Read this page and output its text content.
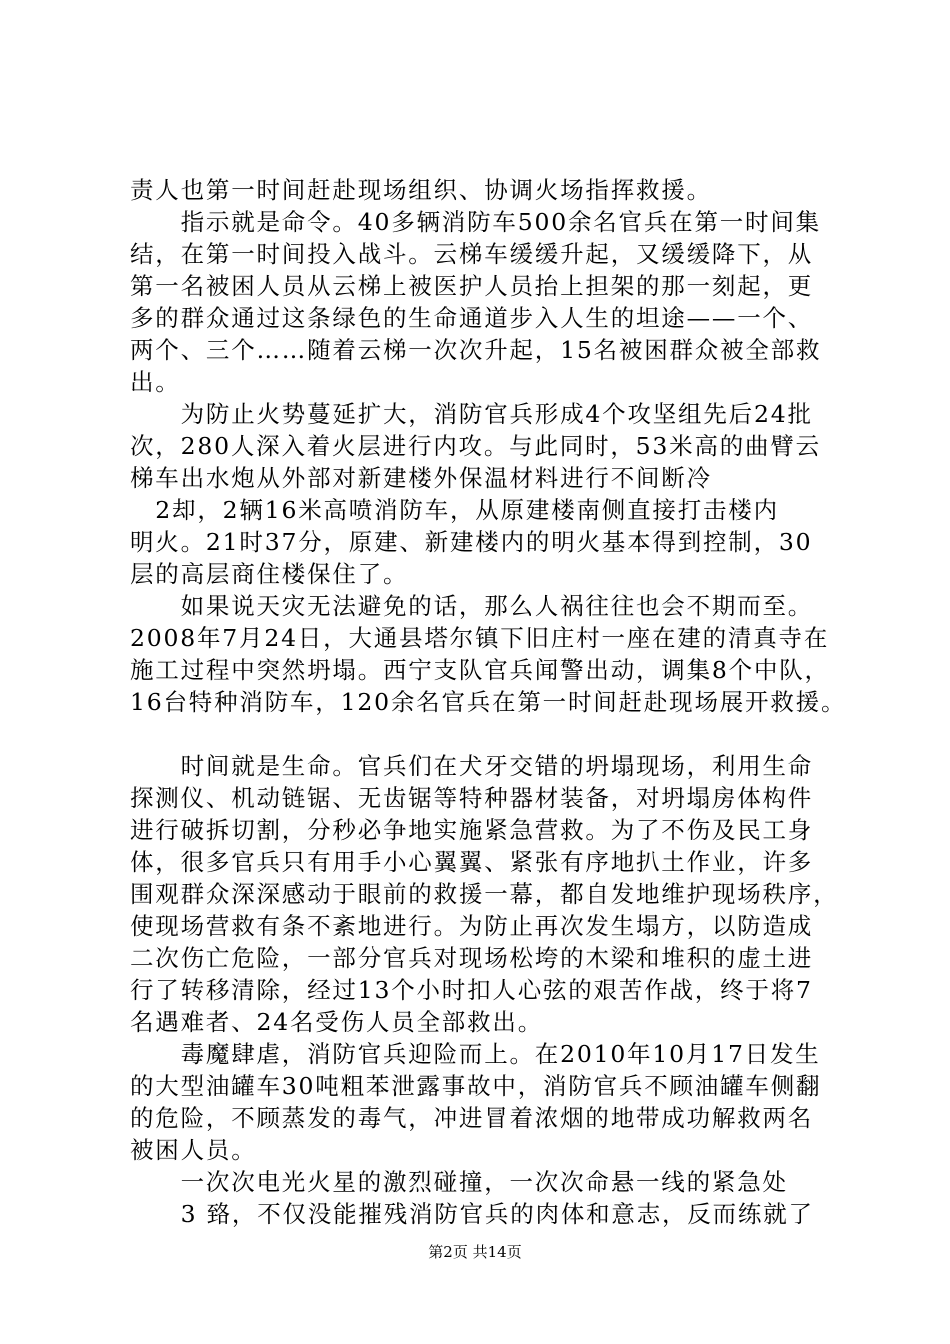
责人也第一时间赶赴现场组织、协调火场指挥救援。
　　指示就是命令。40多辆消防车500余名官兵在第一时间集
结，在第一时间投入战斗。云梯车缓缓升起，又缓缓降下，从
第一名被困人员从云梯上被医护人员抬上担架的那一刻起，更
多的群众通过这条绿色的生命通道步入人生的坦途——一个、
两个、三个……随着云梯一次次升起，15名被困群众被全部救
出。
　　为防止火势蔓延扩大，消防官兵形成4个攻坚组先后24批
次，280人深入着火层进行内攻。与此同时，53米高的曲臂云
梯车出水炮从外部对新建楼外保温材料进行不间断冷
　2却，2辆16米高喷消防车，从原建楼南侧直接打击楼内
明火。21时37分，原建、新建楼内的明火基本得到控制，30
层的高层商住楼保住了。
　　如果说天灾无法避免的话，那么人祸往往也会不期而至。
2008年7月24日，大通县塔尔镇下旧庄村一座在建的清真寺在
施工过程中突然坍塌。西宁支队官兵闻警出动，调集8个中队，
16台特种消防车，120余名官兵在第一时间赶赴现场展开救援。
　　时间就是生命。官兵们在犬牙交错的坍塌现场，利用生命
探测仪、机动链锯、无齿锯等特种器材装备，对坍塌房体构件
进行破拆切割，分秒必争地实施紧急营救。为了不伤及民工身
体，很多官兵只有用手小心翼翼、紧张有序地扒土作业，许多
围观群众深深感动于眼前的救援一幕，都自发地维护现场秩序，
使现场营救有条不紊地进行。为防止再次发生塌方，以防造成
二次伤亡危险，一部分官兵对现场松垮的木梁和堆积的虚土进
行了转移清除，经过13个小时扣人心弦的艰苦作战，终于将7
名遇难者、24名受伤人员全部救出。
　　毒魔肆虐，消防官兵迎险而上。在2010年10月17日发生
的大型油罐车30吨粗苯泄露事故中，消防官兵不顾油罐车侧翻
的危险，不顾蒸发的毒气，冲进冒着浓烟的地带成功解救两名
被困人员。
　　一次次电光火星的激烈碰撞，一次次命悬一线的紧急处
　　3 臵，不仅没能摧残消防官兵的肉体和意志，反而练就了
第2页 共14页
